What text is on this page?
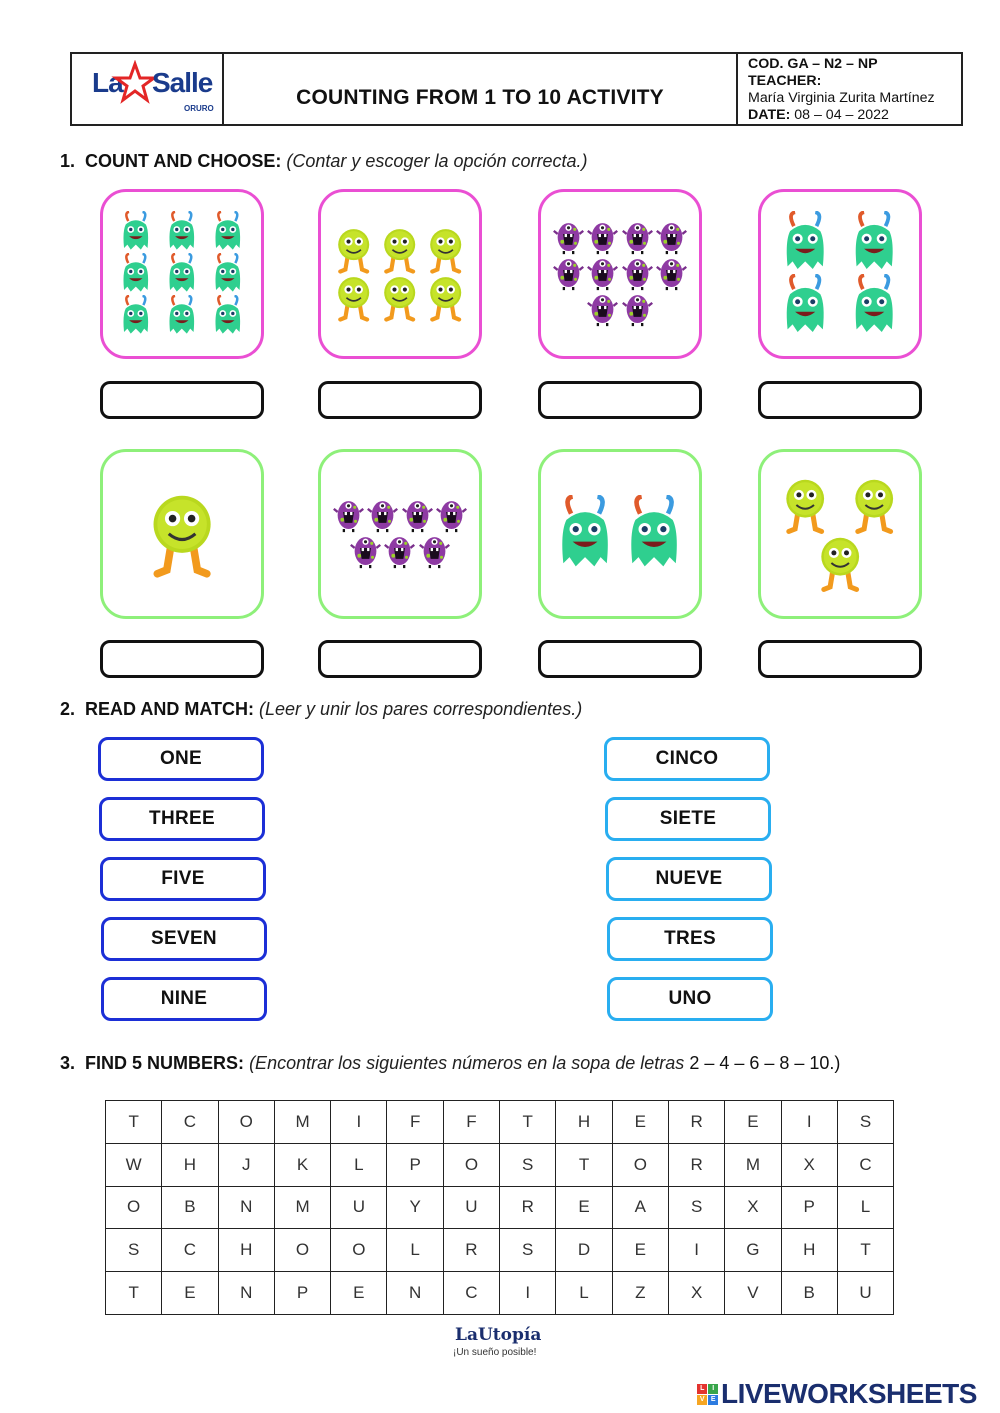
La Salle
ORURO	COUNTING FROM 1 TO 10 ACTIVITY
COD. GA – N2 – NP
TEACHER:
María Virginia Zurita Martínez
DATE: 08 – 04 – 2022
1. COUNT AND CHOOSE: (Contar y escoger la opción correcta.)
2. READ AND MATCH: (Leer y unir los pares correspondientes.)
ONE
THREE
FIVE
SEVEN
NINE
CINCO
SIETE
NUEVE
TRES
UNO
3. FIND 5 NUMBERS: (Encontrar los siguientes números en la sopa de letras 2 – 4 – 6 – 8 – 10.)
T	C	O	M	I	F	F	T	H	E	R	E	I	S
W	H	J	K	L	P	O	S	T	O	R	M	X	C
O	B	N	M	U	Y	U	R	E	A	S	X	P	L
S	C	H	O	O	L	R	S	D	E	I	G	H	T
T	E	N	P	E	N	C	I	L	Z	X	V	B	U
LaUtopía
¡Un sueño posible!
L	I
V E LIVEWORKSHEETS
